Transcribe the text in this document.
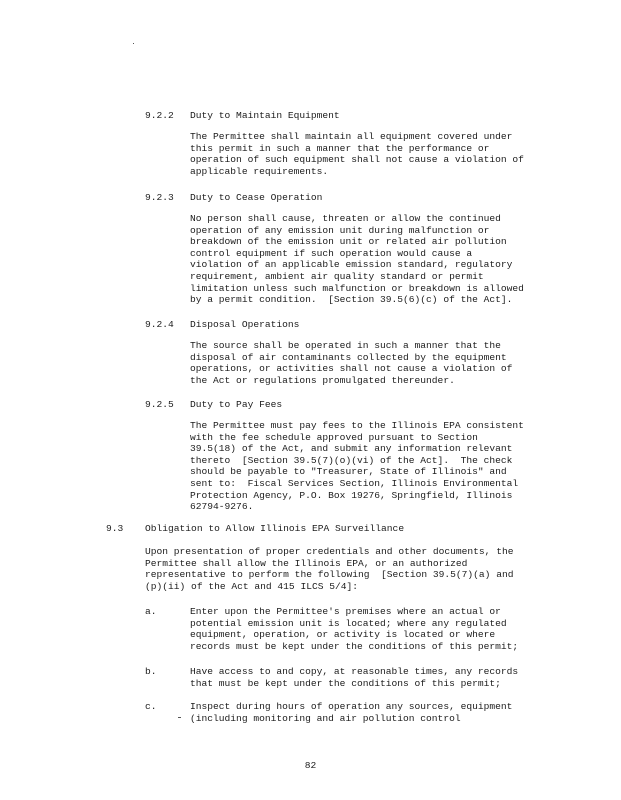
9.2.2 Duty to Maintain Equipment
The Permittee shall maintain all equipment covered under
this permit in such a manner that the performance or
operation of such equipment shall not cause a violation of
applicable requirements.
9.2.3 Duty to Cease Operation
No person shall cause, threaten or allow the continued
operation of any emission unit during malfunction or
breakdown of the emission unit or related air pollution
control equipment if such operation would cause a
violation of an applicable emission standard, regulatory
requirement, ambient air quality standard or permit
limitation unless such malfunction or breakdown is allowed
by a permit condition.  [Section 39.5(6)(c) of the Act].
9.2.4 Disposal Operations
The source shall be operated in such a manner that the
disposal of air contaminants collected by the equipment
operations, or activities shall not cause a violation of
the Act or regulations promulgated thereunder.
9.2.5 Duty to Pay Fees
The Permittee must pay fees to the Illinois EPA consistent
with the fee schedule approved pursuant to Section
39.5(18) of the Act, and submit any information relevant
thereto  [Section 39.5(7)(o)(vi) of the Act].  The check
should be payable to "Treasurer, State of Illinois" and
sent to:  Fiscal Services Section, Illinois Environmental
Protection Agency, P.O. Box 19276, Springfield, Illinois
62794-9276.
9.3 Obligation to Allow Illinois EPA Surveillance
Upon presentation of proper credentials and other documents, the
Permittee shall allow the Illinois EPA, or an authorized
representative to perform the following  [Section 39.5(7)(a) and
(p)(ii) of the Act and 415 ILCS 5/4]:
a.	Enter upon the Permittee's premises where an actual or
potential emission unit is located; where any regulated
equipment, operation, or activity is located or where
records must be kept under the conditions of this permit;
b.	Have access to and copy, at reasonable times, any records
that must be kept under the conditions of this permit;
c.	Inspect during hours of operation any sources, equipment
(including monitoring and air pollution control
82
